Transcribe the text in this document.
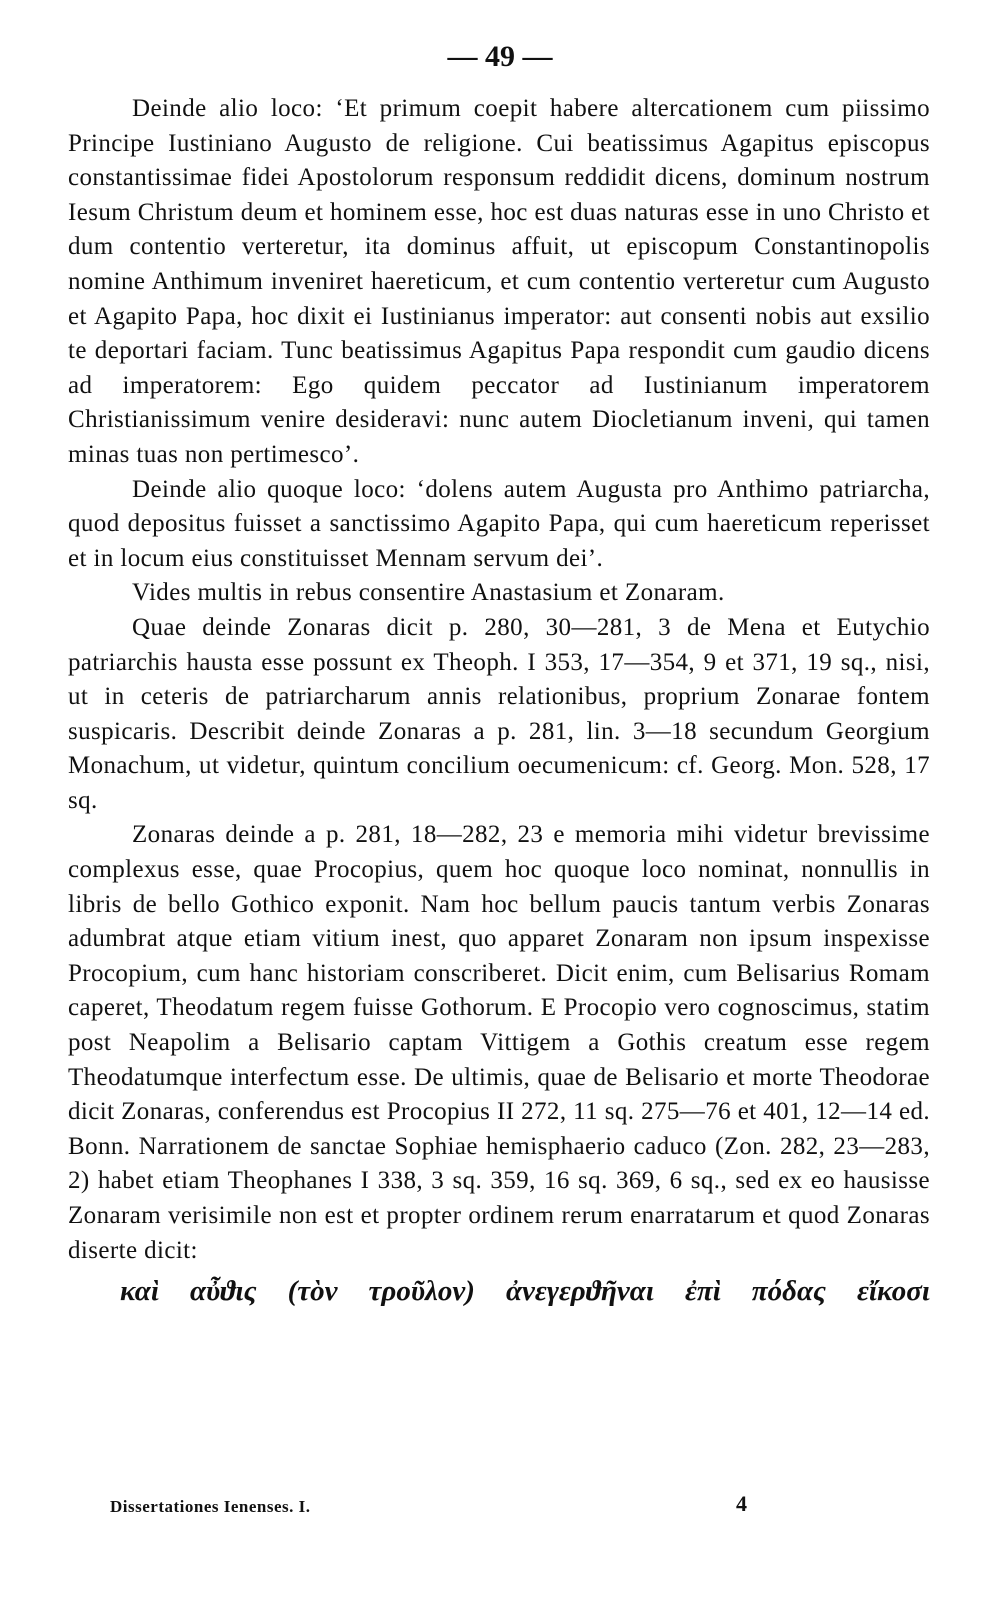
— 49 —

Deinde alio loco: ‘Et primum coepit habere altercationem cum piissimo Principe Iustiniano Augusto de religione. Cui beatissimus Agapitus episcopus constantissimae fidei Apostolorum responsum reddidit dicens, dominum nostrum Iesum Christum deum et hominem esse, hoc est duas naturas esse in uno Christo et dum contentio verteretur, ita dominus affuit, ut episcopum Constantinopolis nomine Anthimum inveniret haereticum, et cum contentio verteretur cum Augusto et Agapito Papa, hoc dixit ei Iustinianus imperator: aut consenti nobis aut exsilio te deportari faciam. Tunc beatissimus Agapitus Papa respondit cum gaudio dicens ad imperatorem: Ego quidem peccator ad Iustinianum imperatorem Christianissimum venire desideravi: nunc autem Diocletianum inveni, qui tamen minas tuas non pertimesco’.

Deinde alio quoque loco: ‘dolens autem Augusta pro Anthimo patriarcha, quod depositus fuisset a sanctissimo Agapito Papa, qui cum haereticum reperisset et in locum eius constituisset Mennam servum dei’.

Vides multis in rebus consentire Anastasium et Zonaram.

Quae deinde Zonaras dicit p. 280, 30—281, 3 de Mena et Eutychio patriarchis hausta esse possunt ex Theoph. I 353, 17—354, 9 et 371, 19 sq., nisi, ut in ceteris de patriarcharum annis relationibus, proprium Zonarae fontem suspicaris. Describit deinde Zonaras a p. 281, lin. 3—18 secundum Georgium Monachum, ut videtur, quintum concilium oecumenicum: cf. Georg. Mon. 528, 17 sq.

Zonaras deinde a p. 281, 18—282, 23 e memoria mihi videtur brevissime complexus esse, quae Procopius, quem hoc quoque loco nominat, nonnullis in libris de bello Gothico exponit. Nam hoc bellum paucis tantum verbis Zonaras adumbrat atque etiam vitium inest, quo apparet Zonaram non ipsum inspexisse Procopium, cum hanc historiam conscriberet. Dicit enim, cum Belisarius Romam caperet, Theodatum regem fuisse Gothorum. E Procopio vero cognoscimus, statim post Neapolim a Belisario captam Vittigem a Gothis creatum esse regem Theodatumque interfectum esse. De ultimis, quae de Belisario et morte Theodorae dicit Zonaras, conferendus est Procopius II 272, 11 sq. 275—76 et 401, 12—14 ed. Bonn. Narrationem de sanctae Sophiae hemisphaerio caduco (Zon. 282, 23—283, 2) habet etiam Theophanes I 338, 3 sq. 359, 16 sq. 369, 6 sq., sed ex eo hausisse Zonaram verisimile non est et propter ordinem rerum enarratarum et quod Zonaras diserte dicit:

καὶ αὖϑις (τὸν τροῦλον) ἀνεγερϑῆναι ἐπὶ πόδας εἴκοσι

Dissertationes Ienenses. I.	4
